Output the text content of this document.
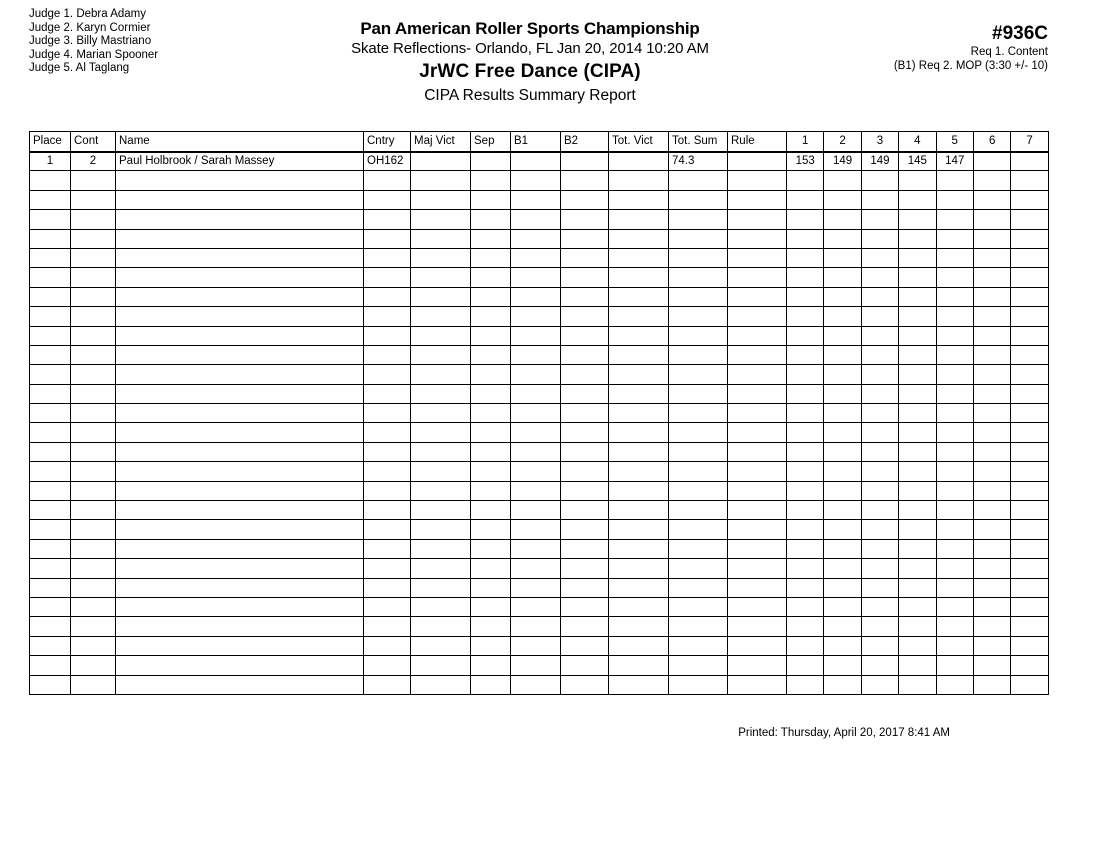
Judge 1. Debra Adamy
Judge 2. Karyn Cormier
Judge 3. Billy Mastriano
Judge 4. Marian Spooner
Judge 5. Al Taglang
Pan American Roller Sports Championship
Skate Reflections- Orlando, FL Jan 20, 2014 10:20 AM
JrWC Free Dance (CIPA)
CIPA Results Summary Report
#936C
Req 1. Content
(B1) Req 2. MOP (3:30 +/- 10)
Place	Cont	Name	Cntry	Maj Vict	Sep	B1	B2	Tot. Vict	Tot. Sum	Rule	1	2	3	4	5	6	7
1	2	Paul Holbrook / Sarah Massey	OH162						74.3		153	149	149	145	147		

Printed: Thursday, April 20, 2017 8:41 AM
